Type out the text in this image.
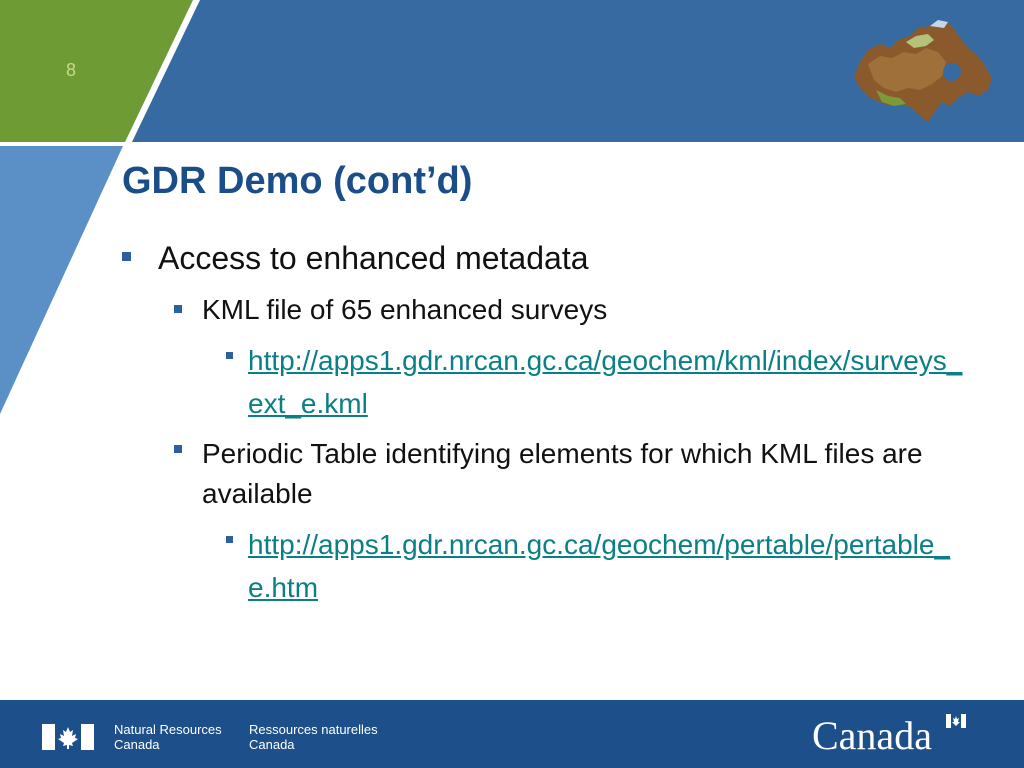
8
GDR Demo (cont’d)
Access to enhanced metadata
KML file of 65 enhanced surveys
http://apps1.gdr.nrcan.gc.ca/geochem/kml/index/surveys_ext_e.kml
Periodic Table identifying elements for which KML files are available
http://apps1.gdr.nrcan.gc.ca/geochem/pertable/pertable_e.htm
Natural Resources
Canada
Ressources naturelles
Canada	Canada
